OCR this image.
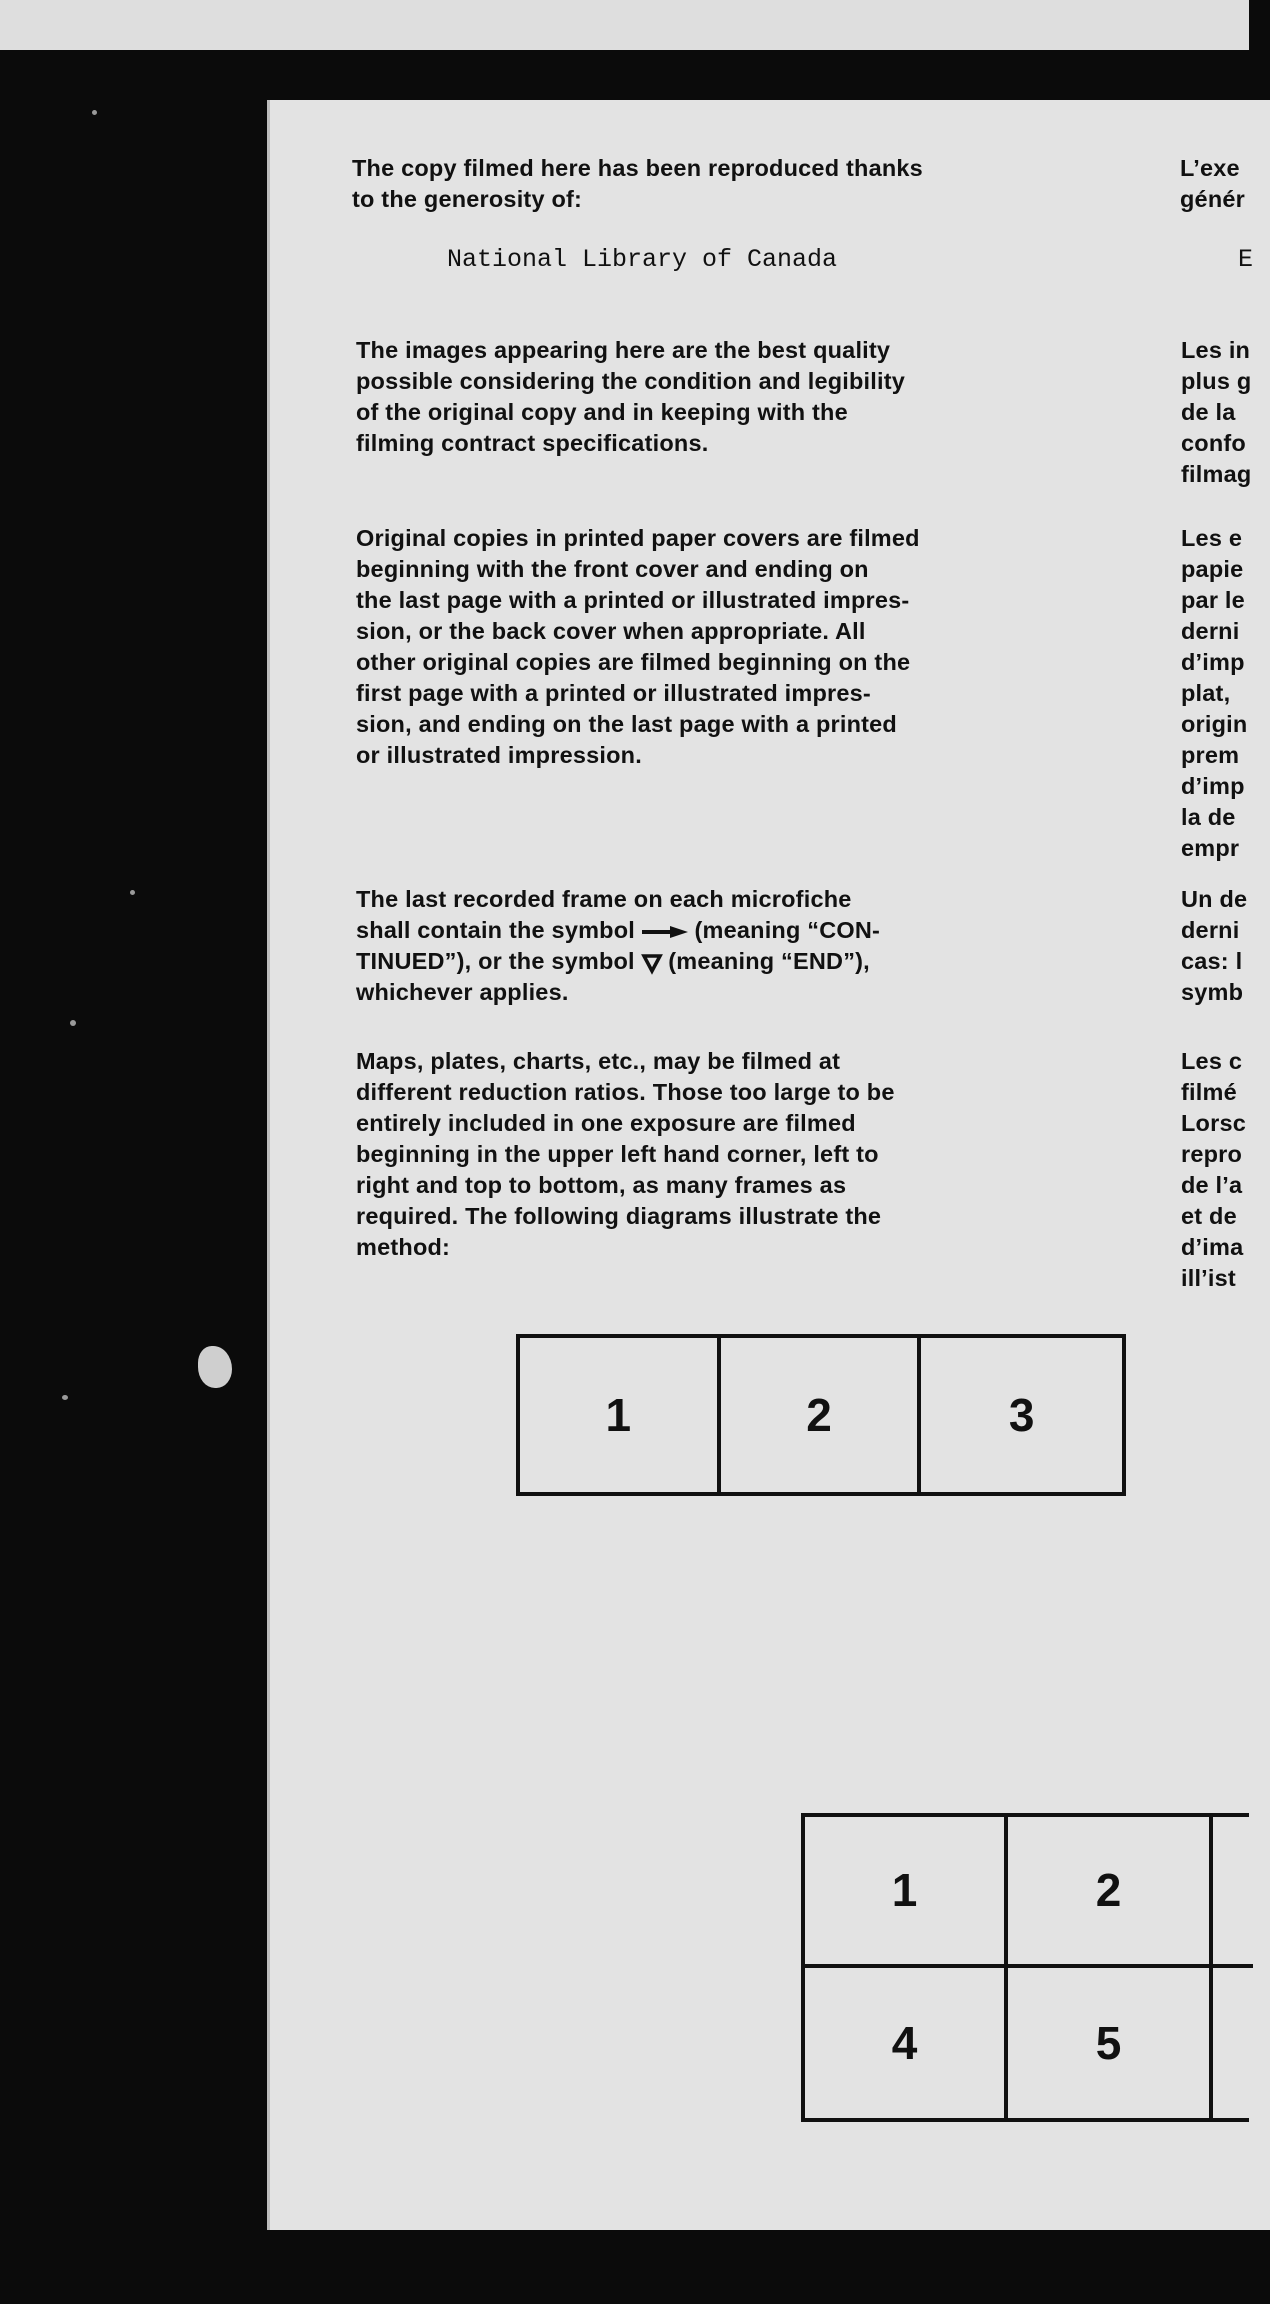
The copy filmed here has been reproduced thanks
to the generosity of:
National Library of Canada
The images appearing here are the best quality
possible considering the condition and legibility
of the original copy and in keeping with the
filming contract specifications.
Original copies in printed paper covers are filmed
beginning with the front cover and ending on
the last page with a printed or illustrated impres-
sion, or the back cover when appropriate. All
other original copies are filmed beginning on the
first page with a printed or illustrated impres-
sion, and ending on the last page with a printed
or illustrated impression.
The last recorded frame on each microfiche
shall contain the symbol  (meaning “CON-
TINUED”), or the symbol  (meaning “END”),
whichever applies.
Maps, plates, charts, etc., may be filmed at
different reduction ratios. Those too large to be
entirely included in one exposure are filmed
beginning in the upper left hand corner, left to
right and top to bottom, as many frames as
required. The following diagrams illustrate the
method:
L’exe
génér
E
Les in
plus g
de la
confo
filmag
Les e
papie
par le
derni
d’imp
plat,
origin
prem
d’imp
la de
empr
Un de
derni
cas: l
symb
Les c
filmé
Lorsc
repro
de l’a
et de
d’ima
ill’ist
1	2	3
1	2
4	5
